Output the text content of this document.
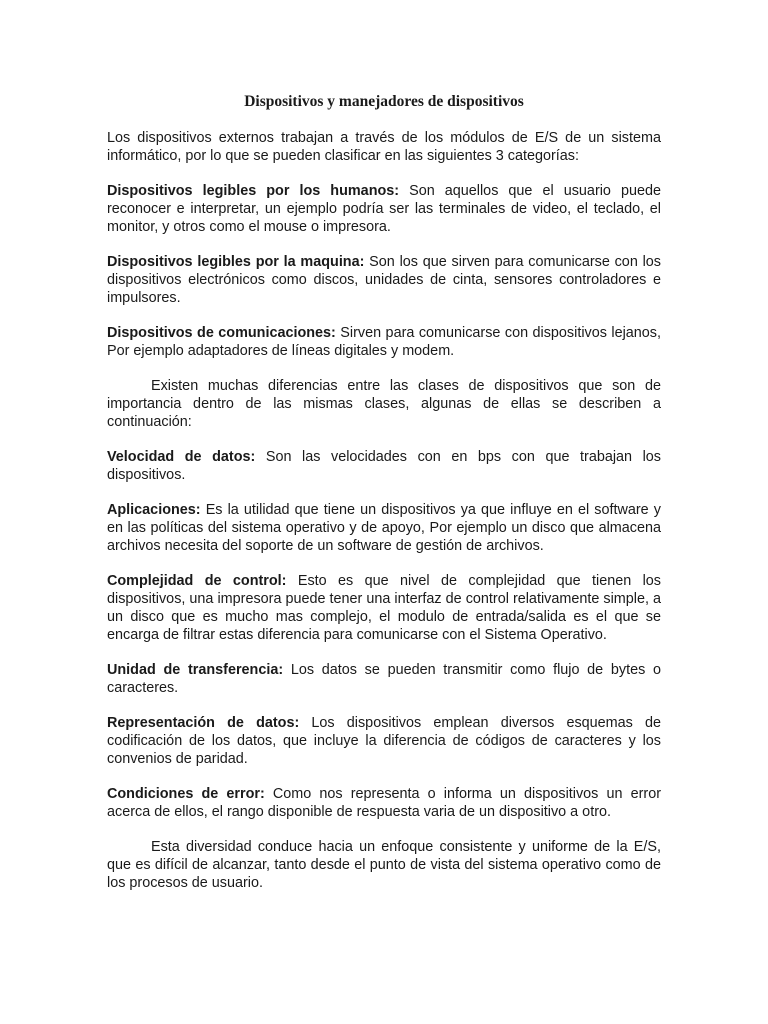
Dispositivos y manejadores de dispositivos

Los dispositivos externos trabajan a través de los módulos de E/S de un sistema informático, por lo que se pueden clasificar en las siguientes 3 categorías:

Dispositivos legibles por los humanos: Son aquellos que el usuario puede reconocer e interpretar, un ejemplo podría ser las terminales de video, el teclado, el monitor, y otros como el mouse o impresora.

Dispositivos legibles por la maquina: Son los que sirven para comunicarse con los dispositivos electrónicos como discos, unidades de cinta, sensores controladores e impulsores.

Dispositivos de comunicaciones: Sirven para comunicarse con dispositivos lejanos, Por ejemplo adaptadores de líneas digitales y modem.

Existen muchas diferencias entre las clases de dispositivos que son de importancia dentro de las mismas clases, algunas de ellas se describen a continuación:

Velocidad de datos: Son las velocidades con en bps con que trabajan los dispositivos.

Aplicaciones: Es la utilidad que tiene un dispositivos ya que influye en el software y en las políticas del sistema operativo y de apoyo, Por ejemplo un disco que almacena archivos necesita del soporte de un software de gestión de archivos.

Complejidad de control: Esto es que nivel de complejidad que tienen los dispositivos, una impresora puede tener una interfaz de control relativamente simple, a un disco que es mucho mas complejo, el modulo de entrada/salida es el que se encarga de filtrar estas diferencia para comunicarse con el Sistema Operativo.

Unidad de transferencia: Los datos se pueden transmitir como flujo de bytes o caracteres.

Representación de datos: Los dispositivos emplean diversos esquemas de codificación de los datos, que incluye la diferencia de códigos de caracteres y los convenios de paridad.

Condiciones de error: Como nos representa o informa un dispositivos un error acerca de ellos, el rango disponible de respuesta varia de un dispositivo a otro.

Esta diversidad conduce hacia un enfoque consistente y uniforme de la E/S, que es difícil de alcanzar, tanto desde el punto de vista del sistema operativo como de los procesos de usuario.
